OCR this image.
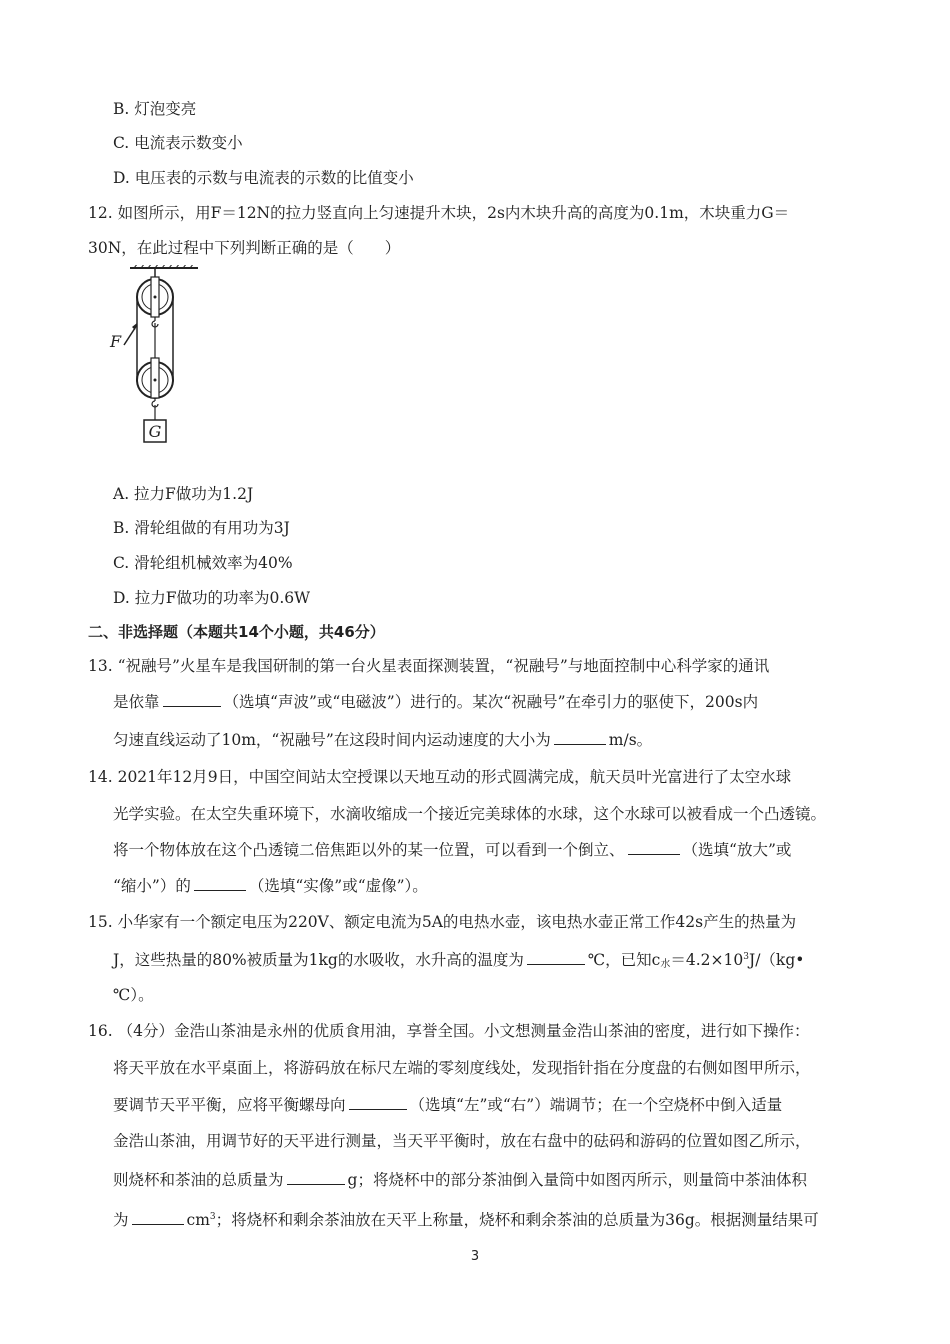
B. 灯泡变亮
C. 电流表示数变小
D. 电压表的示数与电流表的示数的比值变小
12. 如图所示，用F＝12N的拉力竖直向上匀速提升木块，2s内木块升高的高度为0.1m，木块重力G＝
30N，在此过程中下列判断正确的是（　　）
F
G
A. 拉力F做功为1.2J
B. 滑轮组做的有用功为3J
C. 滑轮组机械效率为40%
D. 拉力F做功的功率为0.6W
二、非选择题（本题共14个小题，共46分）
13. “祝融号”火星车是我国研制的第一台火星表面探测装置，“祝融号”与地面控制中心科学家的通讯
是依靠	（选填“声波”或“电磁波”）进行的。某次“祝融号”在牵引力的驱使下，200s内
匀速直线运动了10m，“祝融号”在这段时间内运动速度的大小为	m/s。
14. 2021年12月9日，中国空间站太空授课以天地互动的形式圆满完成，航天员叶光富进行了太空水球
光学实验。在太空失重环境下，水滴收缩成一个接近完美球体的水球，这个水球可以被看成一个凸透镜。
将一个物体放在这个凸透镜二倍焦距以外的某一位置，可以看到一个倒立、	（选填“放大”或
“缩小”）的	（选填“实像”或“虚像”）。
15. 小华家有一个额定电压为220V、额定电流为5A的电热水壶，该电热水壶正常工作42s产生的热量为
J，这些热量的80%被质量为1kg的水吸收，水升高的温度为	℃，已知$c_水=4.2\times 10^3J/(kg•$
℃）。
16. （4分）金浩山茶油是永州的优质食用油，享誉全国。小文想测量金浩山茶油的密度，进行如下操作：
将天平放在水平桌面上，将游码放在标尺左端的零刻度线处，发现指针指在分度盘的右侧如图甲所示，
要调节天平平衡，应将平衡螺母向	（选填“左”或“右”）端调节；在一个空烧杯中倒入适量
金浩山茶油，用调节好的天平进行测量，当天平平衡时，放在右盘中的砝码和游码的位置如图乙所示，
则烧杯和茶油的总质量为	g；将烧杯中的部分茶油倒入量筒中如图丙所示，则量筒中茶油体积
为	$cm^3$；将烧杯和剩余茶油放在天平上称量，烧杯和剩余茶油的总质量为36g。根据测量结果可
3
